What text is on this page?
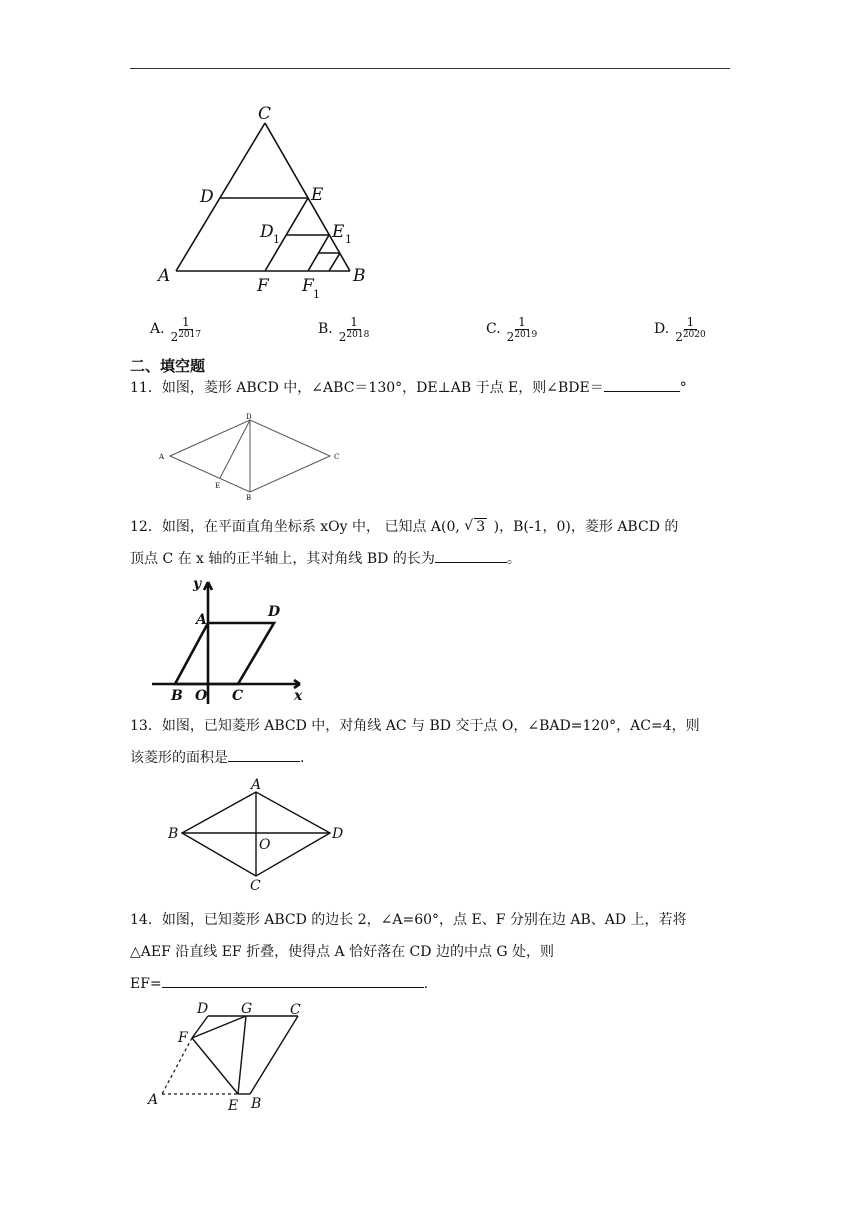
C
D	E
D 1	E 1
A	F F 1
B
A. $\frac{1}{2^{2017}}$	B. $\frac{1}{2^{2018}}$	C. $\frac{1}{2^{2019}}$	D. $\frac{1}{2^{2020}}$
二、填空题
11．如图，菱形 ABCD 中，∠ABC＝130°，DE⊥AB 于点 E，则∠BDE＝	°
A
B
C
D
E
12．如图，在平面直角坐标系 xOy 中， 已知点 A(0, √ 3 )，B(-1，0)，菱形 ABCD 的
顶点 C 在 x 轴的正半轴上，其对角线 BD 的长为	。
y
A	D
B O C	x
13．如图，已知菱形 ABCD 中，对角线 AC 与 BD 交于点 O，∠BAD=120°，AC=4，则
该菱形的面积是	.
A
B	D
C
O
14．如图，已知菱形 ABCD 的边长 2，∠A=60°，点 E、F 分别在边 AB、AD 上，若将
△AEF 沿直线 EF 折叠，使得点 A 恰好落在 CD 边的中点 G 处，则
EF=	.
D G	C
F
A	E B
